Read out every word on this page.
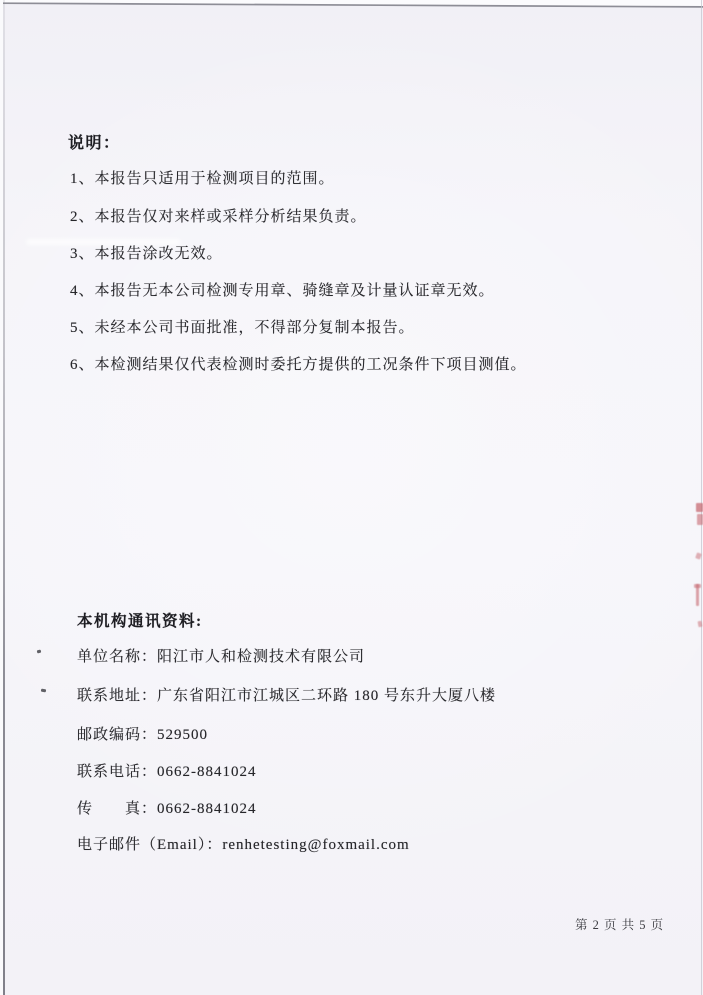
说明：

1、本报告只适用于检测项目的范围。

2、本报告仅对来样或采样分析结果负责。

3、本报告涂改无效。

4、本报告无本公司检测专用章、骑缝章及计量认证章无效。

5、未经本公司书面批准，不得部分复制本报告。

6、本检测结果仅代表检测时委托方提供的工况条件下项目测值。

本机构通讯资料:

单位名称：阳江市人和检测技术有限公司

联系地址：广东省阳江市江城区二环路 180 号东升大厦八楼

邮政编码：529500

联系电话：0662-8841024

传　　真：0662-8841024

电子邮件（Email）：renhetesting@foxmail.com

第 2 页 共 5 页
